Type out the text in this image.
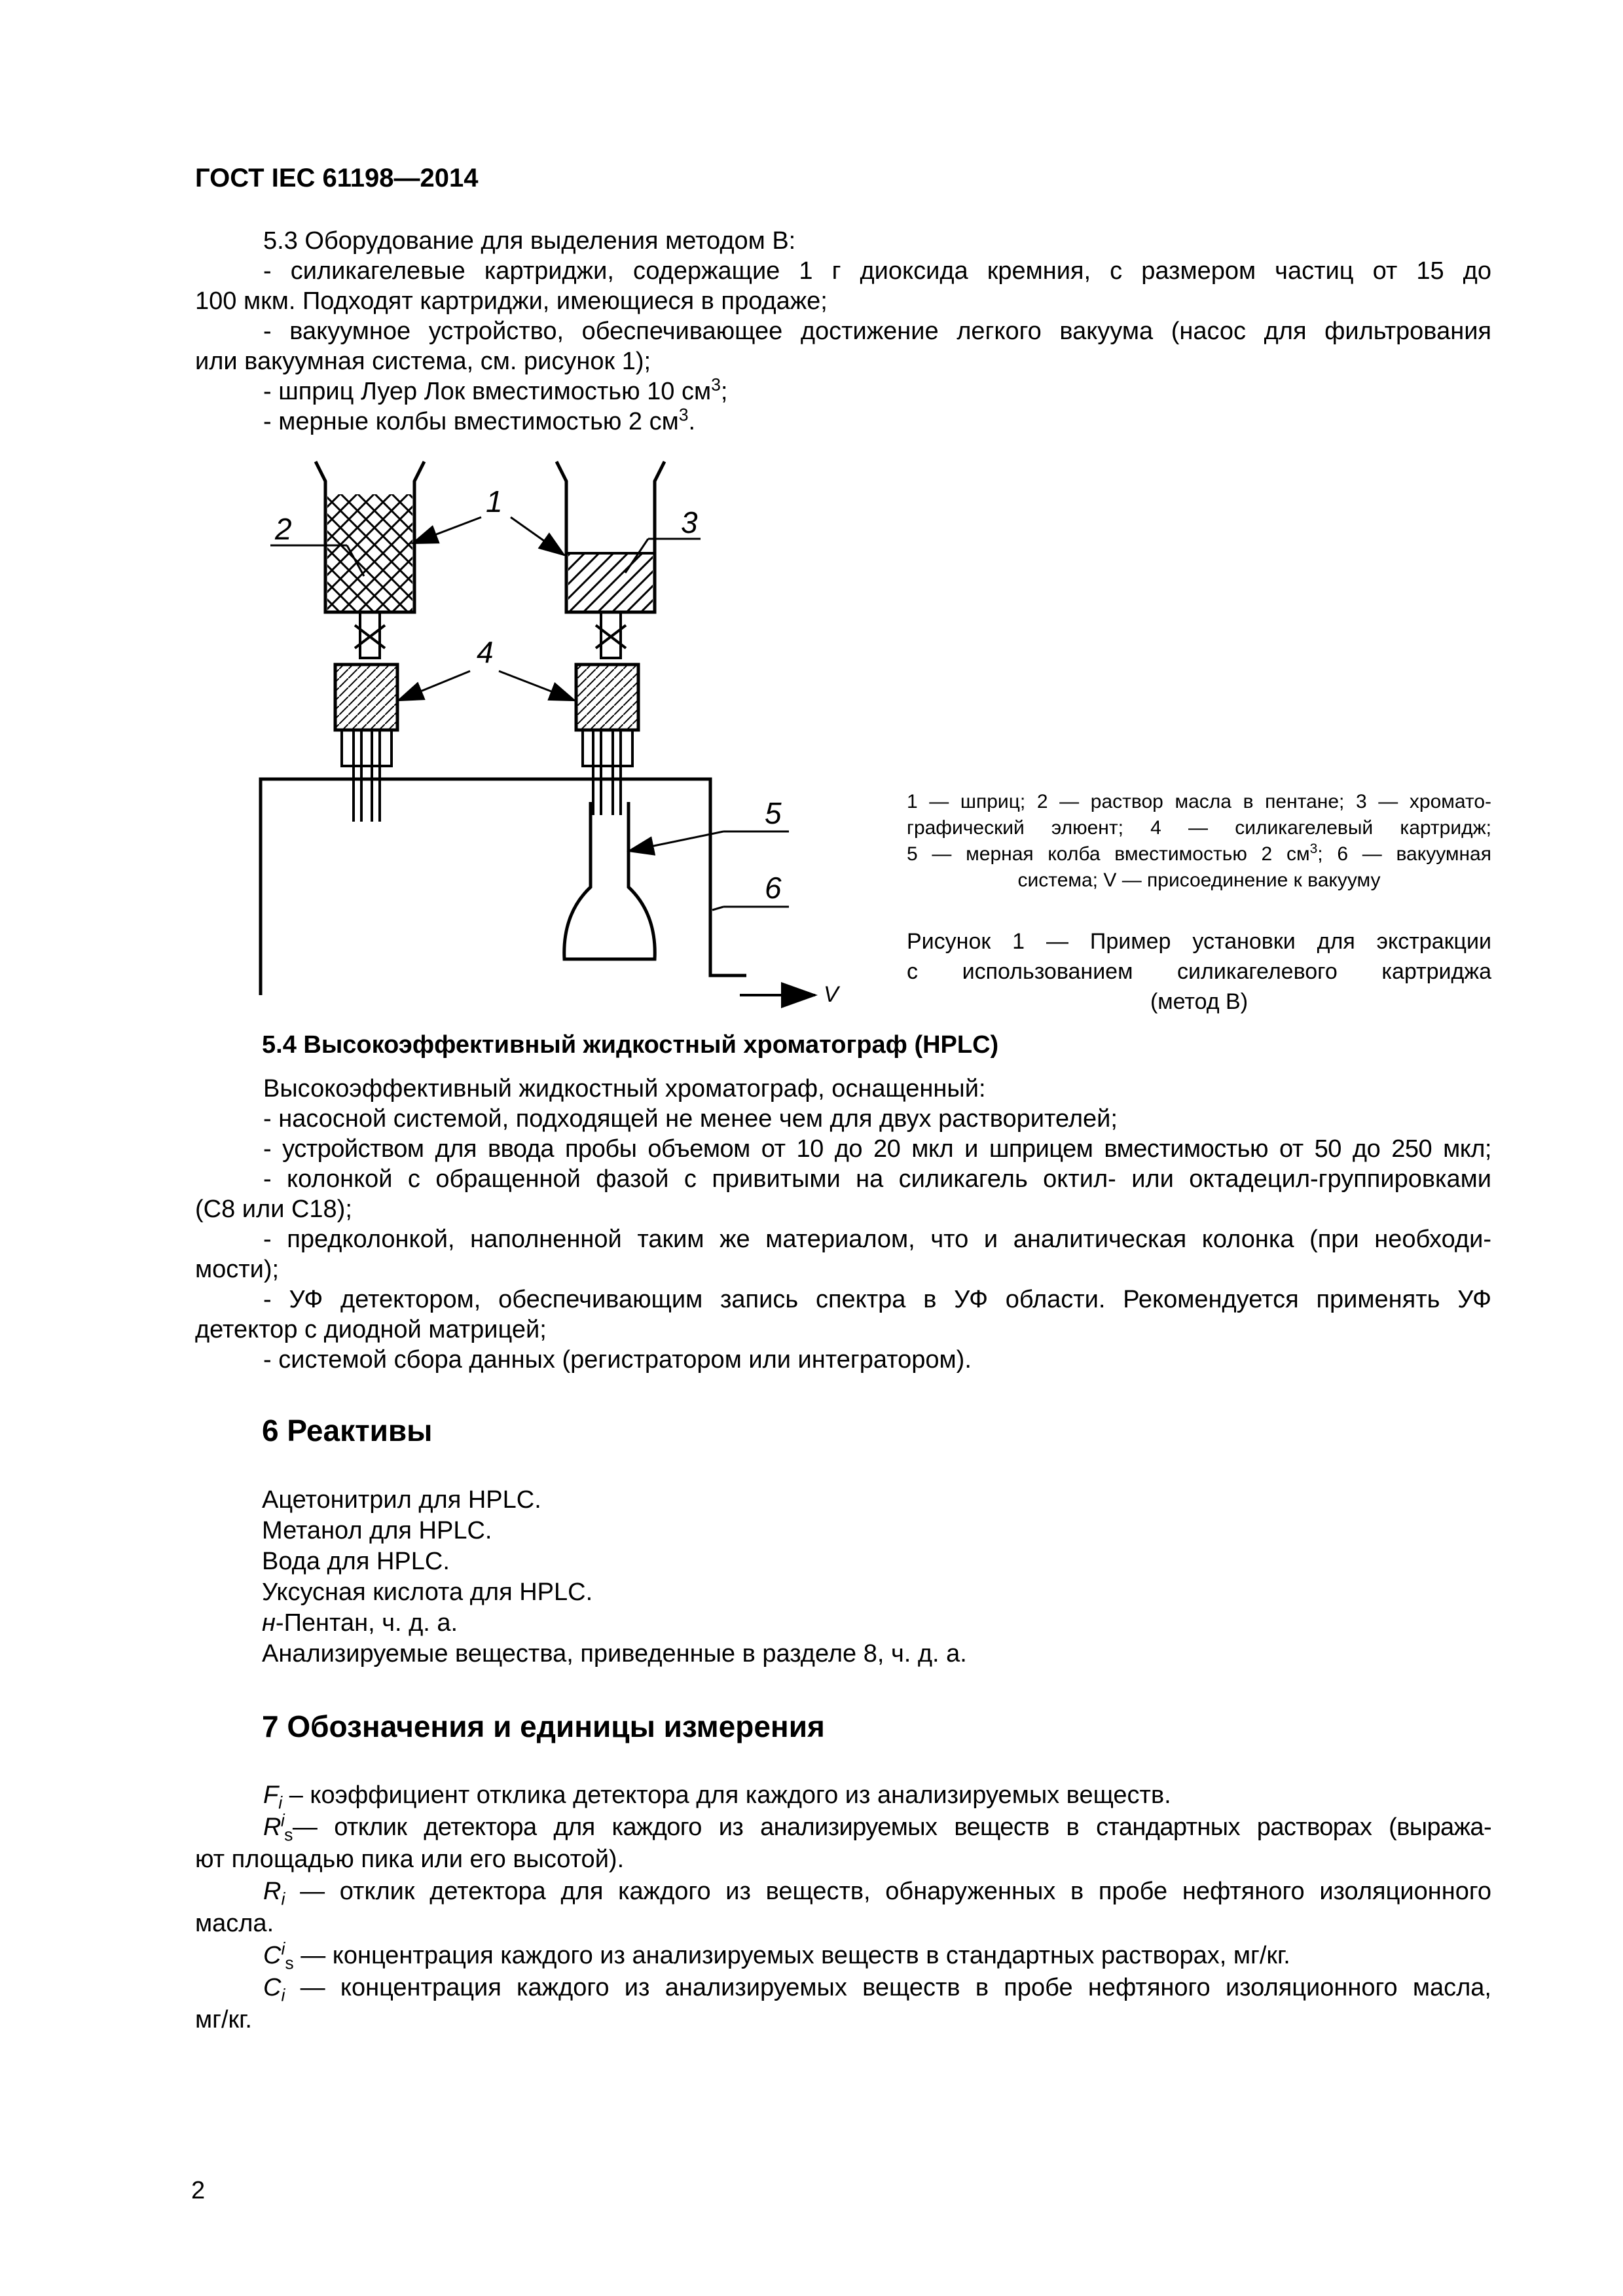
ГОСТ IEC 61198—2014

5.3 Оборудование для выделения методом В:

- силикагелевые картриджи, содержащие 1 г диоксида кремния, с размером частиц от 15 до

100 мкм. Подходят картриджи, имеющиеся в продаже;

- вакуумное устройство, обеспечивающее достижение легкого вакуума (насос для фильтрования

или вакуумная система, см. рисунок 1);

- шприц Луер Лок вместимостью 10 $см^3$;

- мерные колбы вместимостью 2 $см^3$.

2
1
3
4
5
6
V

1 — шприц; 2 — раствор масла в пентане; 3 — хромато-

графический элюент; 4 — силикагелевый картридж;

5 — мерная колба вместимостью 2 $см^3$; 6 — вакуумная

система; V — присоединение к вакууму

Рисунок 1 — Пример установки для экстракции

с использованием силикагелевого картриджа

(метод В)

5.4 Высокоэффективный жидкостный хроматограф (HPLC)

Высокоэффективный жидкостный хроматограф, оснащенный:

- насосной системой, подходящей не менее чем для двух растворителей;

- устройством для ввода пробы объемом от 10 до 20 мкл и шприцем вместимостью от 50 до 250 мкл;

- колонкой с обращенной фазой с привитыми на силикагель октил- или октадецил-группировками

(С8 или С18);

- предколонкой, наполненной таким же материалом, что и аналитическая колонка (при необходи-

мости);

- УФ детектором, обеспечивающим запись спектра в УФ области. Рекомендуется применять УФ

детектор с диодной матрицей;

- системой сбора данных (регистратором или интегратором).

6 Реактивы
Ацетонитрил для HPLC.
Метанол для HPLC.
Вода для HPLC.
Уксусная кислота для HPLC.
н-Пентан, ч. д. а.
Анализируемые вещества, приведенные в разделе 8, ч. д. а.
7 Обозначения и единицы измерения

$F_i$ – коэффициент отклика детектора для каждого из анализируемых веществ.

$R^i_s—$ отклик детектора для каждого из анализируемых веществ в стандартных растворах (выража-

ют площадью пика или его высотой).

$R_i$ — отклик детектора для каждого из веществ, обнаруженных в пробе нефтяного изоляционного

масла.

$C^i_s$ — концентрация каждого из анализируемых веществ в стандартных растворах, мг/кг.

$C_i$ — концентрация каждого из анализируемых веществ в пробе нефтяного изоляционного масла,

мг/кг.

2
